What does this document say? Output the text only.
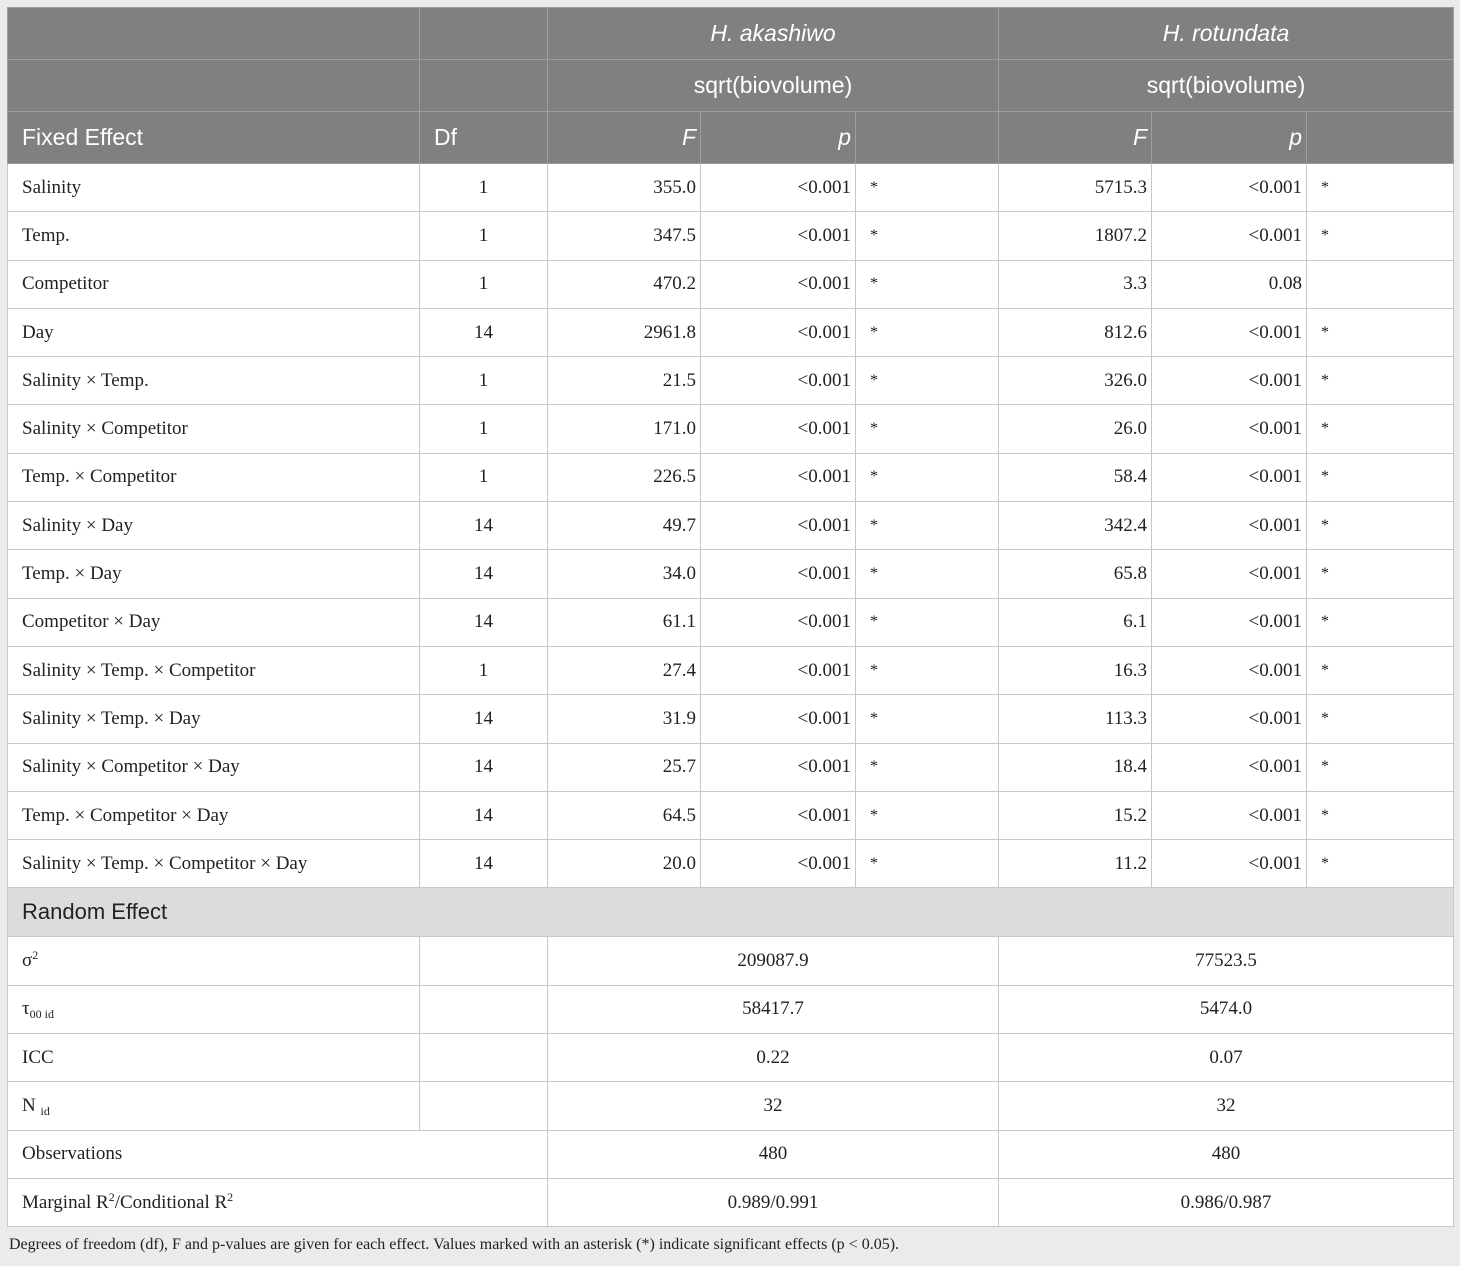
		H. akashiwo			H. rotundata		
		sqrt(biovolume)			sqrt(biovolume)		
Fixed Effect	Df	F	p		F	p	
Salinity	1	355.0	<0.001	*	5715.3	<0.001	*
Temp.	1	347.5	<0.001	*	1807.2	<0.001	*
Competitor	1	470.2	<0.001	*	3.3	0.08	
Day	14	2961.8	<0.001	*	812.6	<0.001	*
Salinity × Temp.	1	21.5	<0.001	*	326.0	<0.001	*
Salinity × Competitor	1	171.0	<0.001	*	26.0	<0.001	*
Temp. × Competitor	1	226.5	<0.001	*	58.4	<0.001	*
Salinity × Day	14	49.7	<0.001	*	342.4	<0.001	*
Temp. × Day	14	34.0	<0.001	*	65.8	<0.001	*
Competitor × Day	14	61.1	<0.001	*	6.1	<0.001	*
Salinity × Temp. × Competitor	1	27.4	<0.001	*	16.3	<0.001	*
Salinity × Temp. × Day	14	31.9	<0.001	*	113.3	<0.001	*
Salinity × Competitor × Day	14	25.7	<0.001	*	18.4	<0.001	*
Temp. × Competitor × Day	14	64.5	<0.001	*	15.2	<0.001	*
Salinity × Temp. × Competitor × Day	14	20.0	<0.001	*	11.2	<0.001	*
Random Effect							
$\sigma^2$		209087.9			77523.5		
$\tau_{00 id}$		58417.7			5474.0		
ICC		0.22			0.07		
N $_{id}$		32			32		
Observations		480			480		
Marginal $R^2$/Conditional $R^2$		0.989/0.991			0.986/0.987		
Degrees of freedom (df), F and p-values are given for each effect. Values marked with an asterisk (*) indicate significant effects (p < 0.05).
